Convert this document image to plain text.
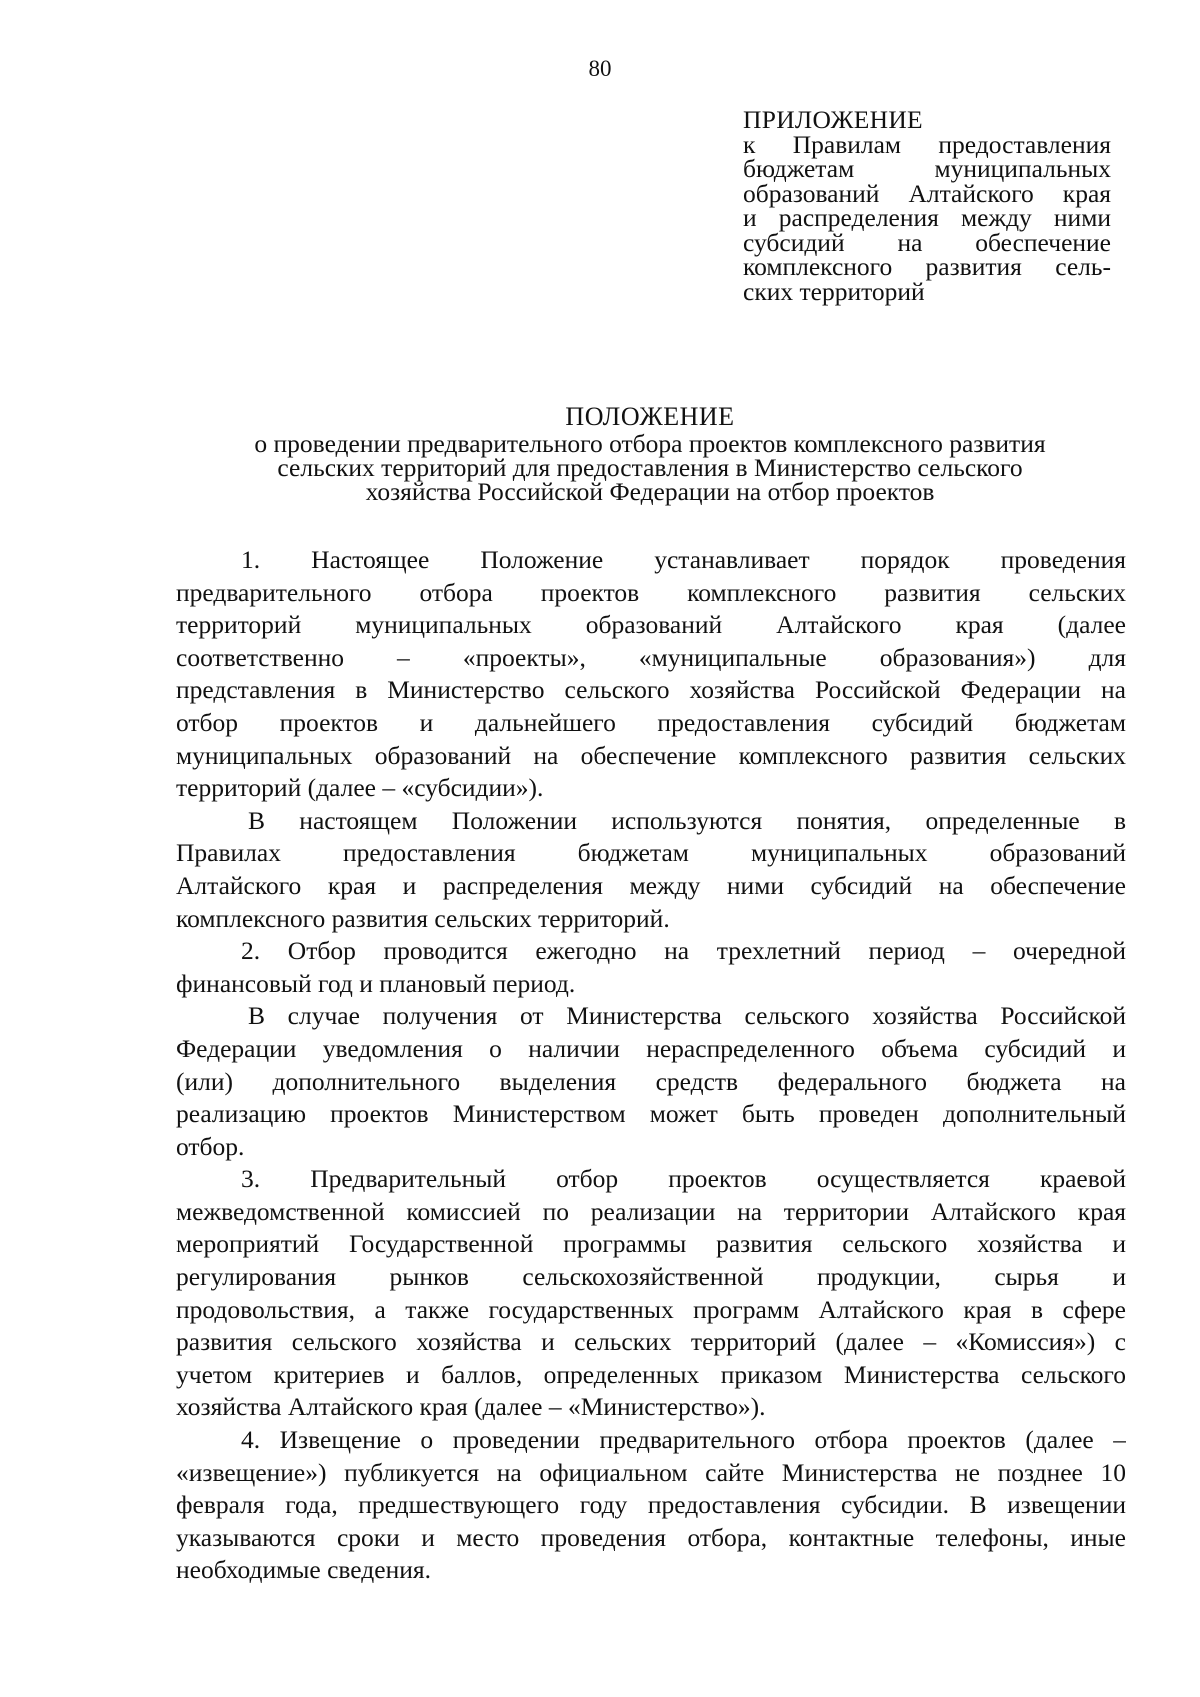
80
ПРИЛОЖЕНИЕ
к Правилам предоставления
бюджетам муниципальных
образований Алтайского края
и распределения между ними
субсидий на обеспечение
комплексного развития сель-
ских территорий
ПОЛОЖЕНИЕ
о проведении предварительного отбора проектов комплексного развития
сельских территорий для предоставления в Министерство сельского
хозяйства Российской Федерации на отбор проектов
1. Настоящее Положение устанавливает порядок проведения
предварительного отбора проектов комплексного развития сельских
территорий муниципальных образований Алтайского края (далее
соответственно – «проекты», «муниципальные образования») для
представления в Министерство сельского хозяйства Российской Федерации на
отбор проектов и дальнейшего предоставления субсидий бюджетам
муниципальных образований на обеспечение комплексного развития сельских
территорий (далее – «субсидии»).
В настоящем Положении используются понятия, определенные в
Правилах предоставления бюджетам муниципальных образований
Алтайского края и распределения между ними субсидий на обеспечение
комплексного развития сельских территорий.
2. Отбор проводится ежегодно на трехлетний период – очередной
финансовый год и плановый период.
В случае получения от Министерства сельского хозяйства Российской
Федерации уведомления о наличии нераспределенного объема субсидий и
(или) дополнительного выделения средств федерального бюджета на
реализацию проектов Министерством может быть проведен дополнительный
отбор.
3. Предварительный отбор проектов осуществляется краевой
межведомственной комиссией по реализации на территории Алтайского края
мероприятий Государственной программы развития сельского хозяйства и
регулирования рынков сельскохозяйственной продукции, сырья и
продовольствия, а также государственных программ Алтайского края в сфере
развития сельского хозяйства и сельских территорий (далее – «Комиссия») с
учетом критериев и баллов, определенных приказом Министерства сельского
хозяйства Алтайского края (далее – «Министерство»).
4. Извещение о проведении предварительного отбора проектов (далее –
«извещение») публикуется на официальном сайте Министерства не позднее 10
февраля года, предшествующего году предоставления субсидии. В извещении
указываются сроки и место проведения отбора, контактные телефоны, иные
необходимые сведения.
